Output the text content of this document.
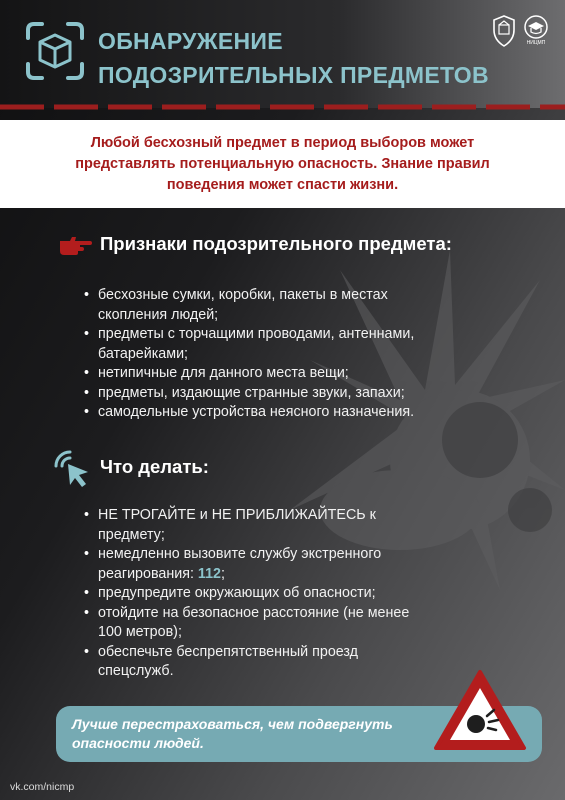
ОБНАРУЖЕНИЕ
ПОДОЗРИТЕЛЬНЫХ ПРЕДМЕТОВ
НИЦМП

Любой бесхозный предмет в период выборов может представлять потенциальную опасность. Знание правил поведения может спасти жизни.

Признаки подозрительного предмета:
• бесхозные сумки, коробки, пакеты в местах скопления людей;
• предметы с торчащими проводами, антеннами, батарейками;
• нетипичные для данного места вещи;
• предметы, издающие странные звуки, запахи;
• самодельные устройства неясного назначения.
Что делать:
• НЕ ТРОГАЙТЕ и НЕ ПРИБЛИЖАЙТЕСЬ к предмету;
• немедленно вызовите службу экстренного реагирования: 112;
• предупредите окружающих об опасности;
• отойдите на безопасное расстояние (не менее 100 метров);
• обеспечьте беспрепятственный проезд спецслужб.

Лучше перестраховаться, чем подвергнуть опасности людей.

vk.com/nicmp
